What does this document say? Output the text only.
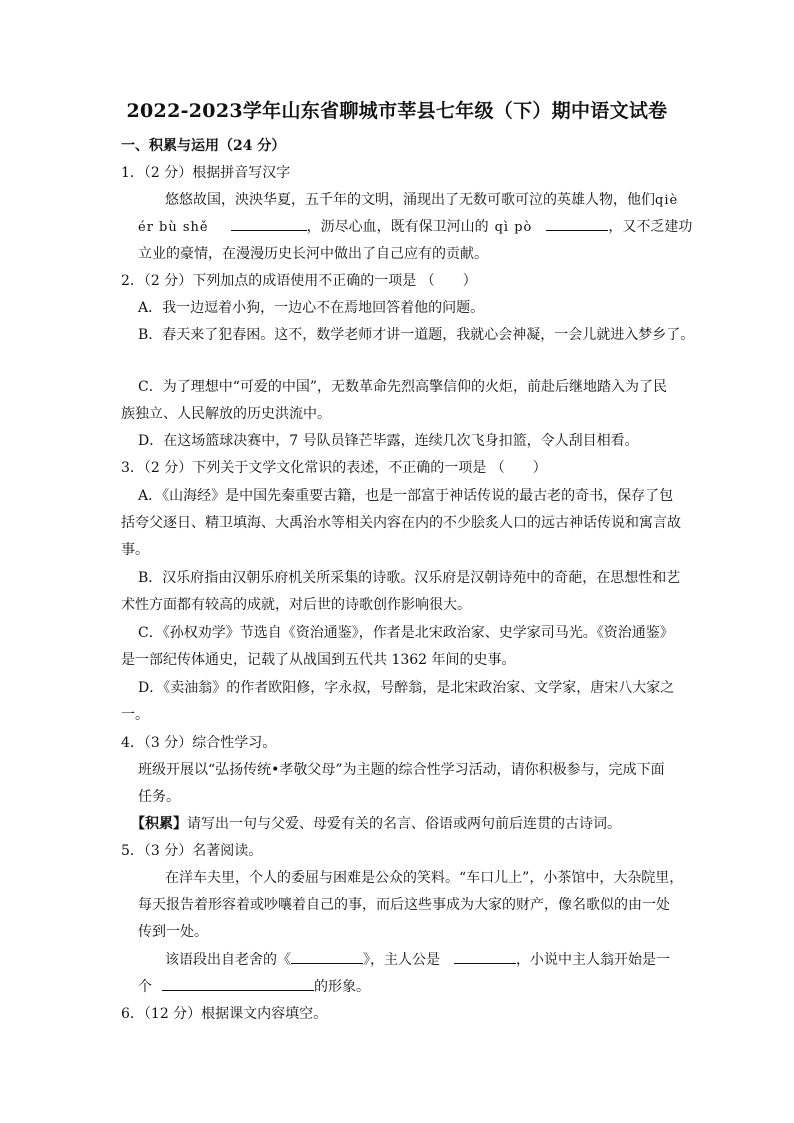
2022-2023学年山东省聊城市莘县七年级（下）期中语文试卷
一、积累与运用（24 分）
1．（2 分）根据拼音写汉字
悠悠故国，泱泱华夏，五千年的文明，涌现出了无数可歌可泣的英雄人物，他们qiè
ér bù shě	，沥尽心血，既有保卫河山的 qì pò	，又不乏建功
立业的豪情，在漫漫历史长河中做出了自己应有的贡献。
2．（2 分）下列加点的成语使用不正确的一项是 （　　）
A．我一边逗着小狗，一边心不在焉地回答着他的问题。
B．春天来了犯春困。这不，数学老师才讲一道题，我就心会神凝，一会儿就进入梦乡了。
C．为了理想中“可爱的中国”，无数革命先烈高擎信仰的火炬，前赴后继地踏入为了民
族独立、人民解放的历史洪流中。
D．在这场篮球决赛中，7 号队员锋芒毕露，连续几次飞身扣篮，令人刮目相看。
3．（2 分）下列关于文学文化常识的表述，不正确的一项是 （　　）
A．《山海经》是中国先秦重要古籍，也是一部富于神话传说的最古老的奇书，保存了包
括夸父逐日、精卫填海、大禹治水等相关内容在内的不少脍炙人口的远古神话传说和寓言故
事。
B．汉乐府指由汉朝乐府机关所采集的诗歌。汉乐府是汉朝诗苑中的奇葩，在思想性和艺
术性方面都有较高的成就，对后世的诗歌创作影响很大。
C．《孙权劝学》节选自《资治通鉴》，作者是北宋政治家、史学家司马光。《资治通鉴》
是一部纪传体通史，记载了从战国到五代共 1362 年间的史事。
D．《卖油翁》的作者欧阳修，字永叔，号醉翁，是北宋政治家、文学家，唐宋八大家之
一。
4．（3 分）综合性学习。
班级开展以“弘扬传统•孝敬父母”为主题的综合性学习活动，请你积极参与，完成下面
任务。
【积累】请写出一句与父爱、母爱有关的名言、俗语或两句前后连贯的古诗词。
5．（3 分）名著阅读。
在洋车夫里，个人的委屈与困难是公众的笑料。“车口儿上”，小茶馆中，大杂院里，
每天报告着形容着或吵嚷着自己的事，而后这些事成为大家的财产，像名歌似的由一处
传到一处。
该语段出自老舍的《	》，主人公是	，小说中主人翁开始是一
个	的形象。
6．（12 分）根据课文内容填空。
